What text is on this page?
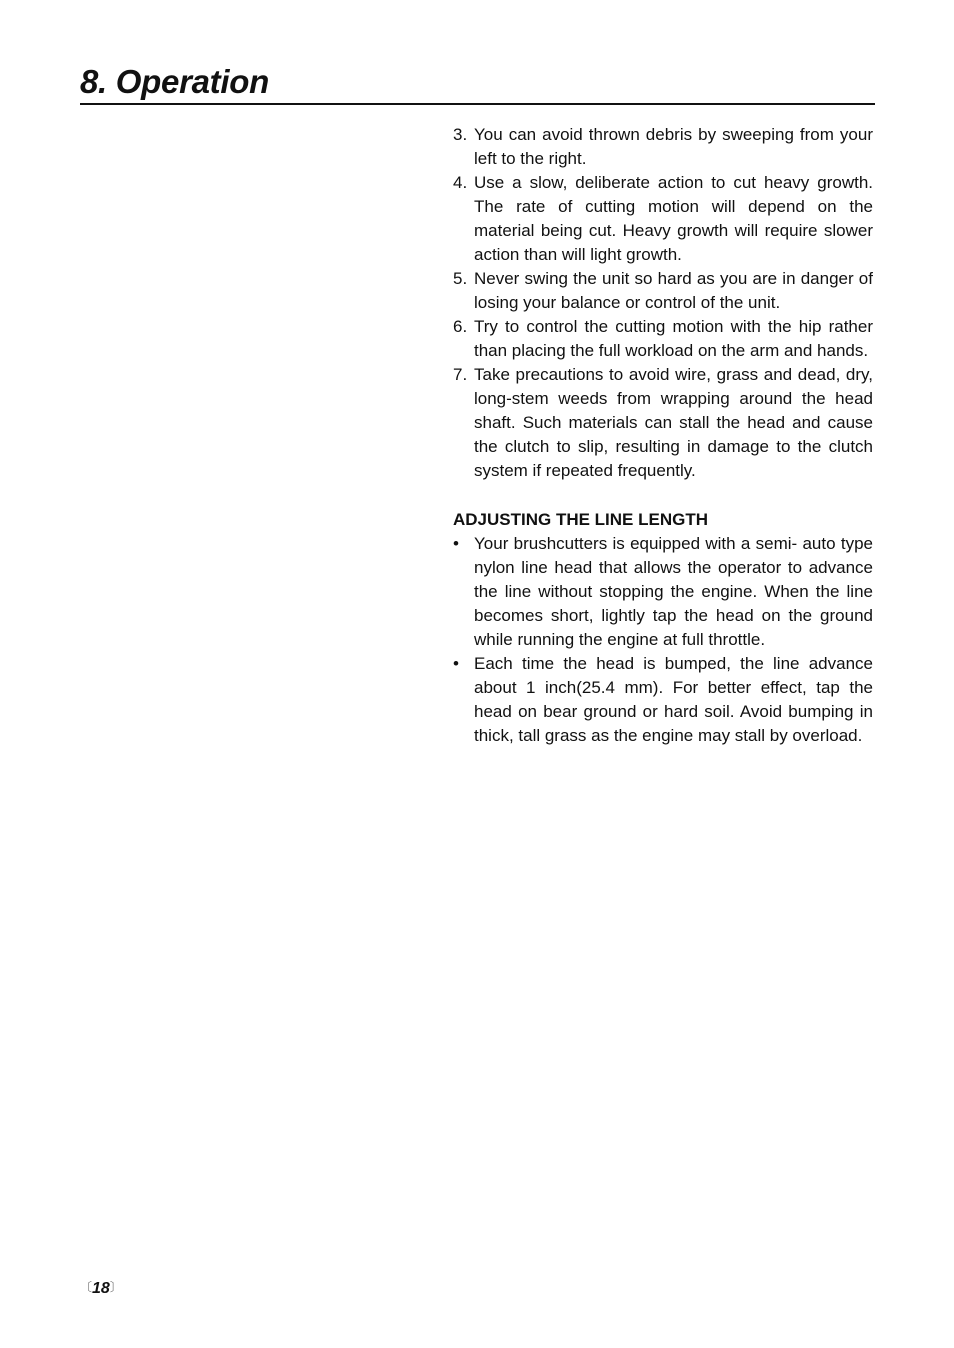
8. Operation
3. You can avoid thrown debris by sweeping from your left to the right.
4. Use a slow, deliberate action to cut heavy growth. The rate of cutting motion will depend on the material being cut. Heavy growth will require slower action than will light growth.
5. Never swing the unit so hard as you are in danger of losing your balance or control of the unit.
6. Try to control the cutting motion with the hip rather than placing the full workload on the arm and hands.
7. Take precautions to avoid wire, grass and dead, dry, long-stem weeds from wrapping around the head shaft. Such materials can stall the head and cause the clutch to slip, resulting in damage to the clutch system if repeated frequently.
ADJUSTING THE LINE LENGTH
• Your brushcutters is equipped with a semi- auto type nylon line head that allows the operator to advance the line without stopping the engine. When the line becomes short, lightly tap the head on the ground while running the engine at full throttle.
• Each time the head is bumped, the line advance about 1 inch(25.4 mm). For better effect, tap the head on bear ground or hard soil. Avoid bumping in thick, tall grass as the engine may stall by overload.
〔18〕
